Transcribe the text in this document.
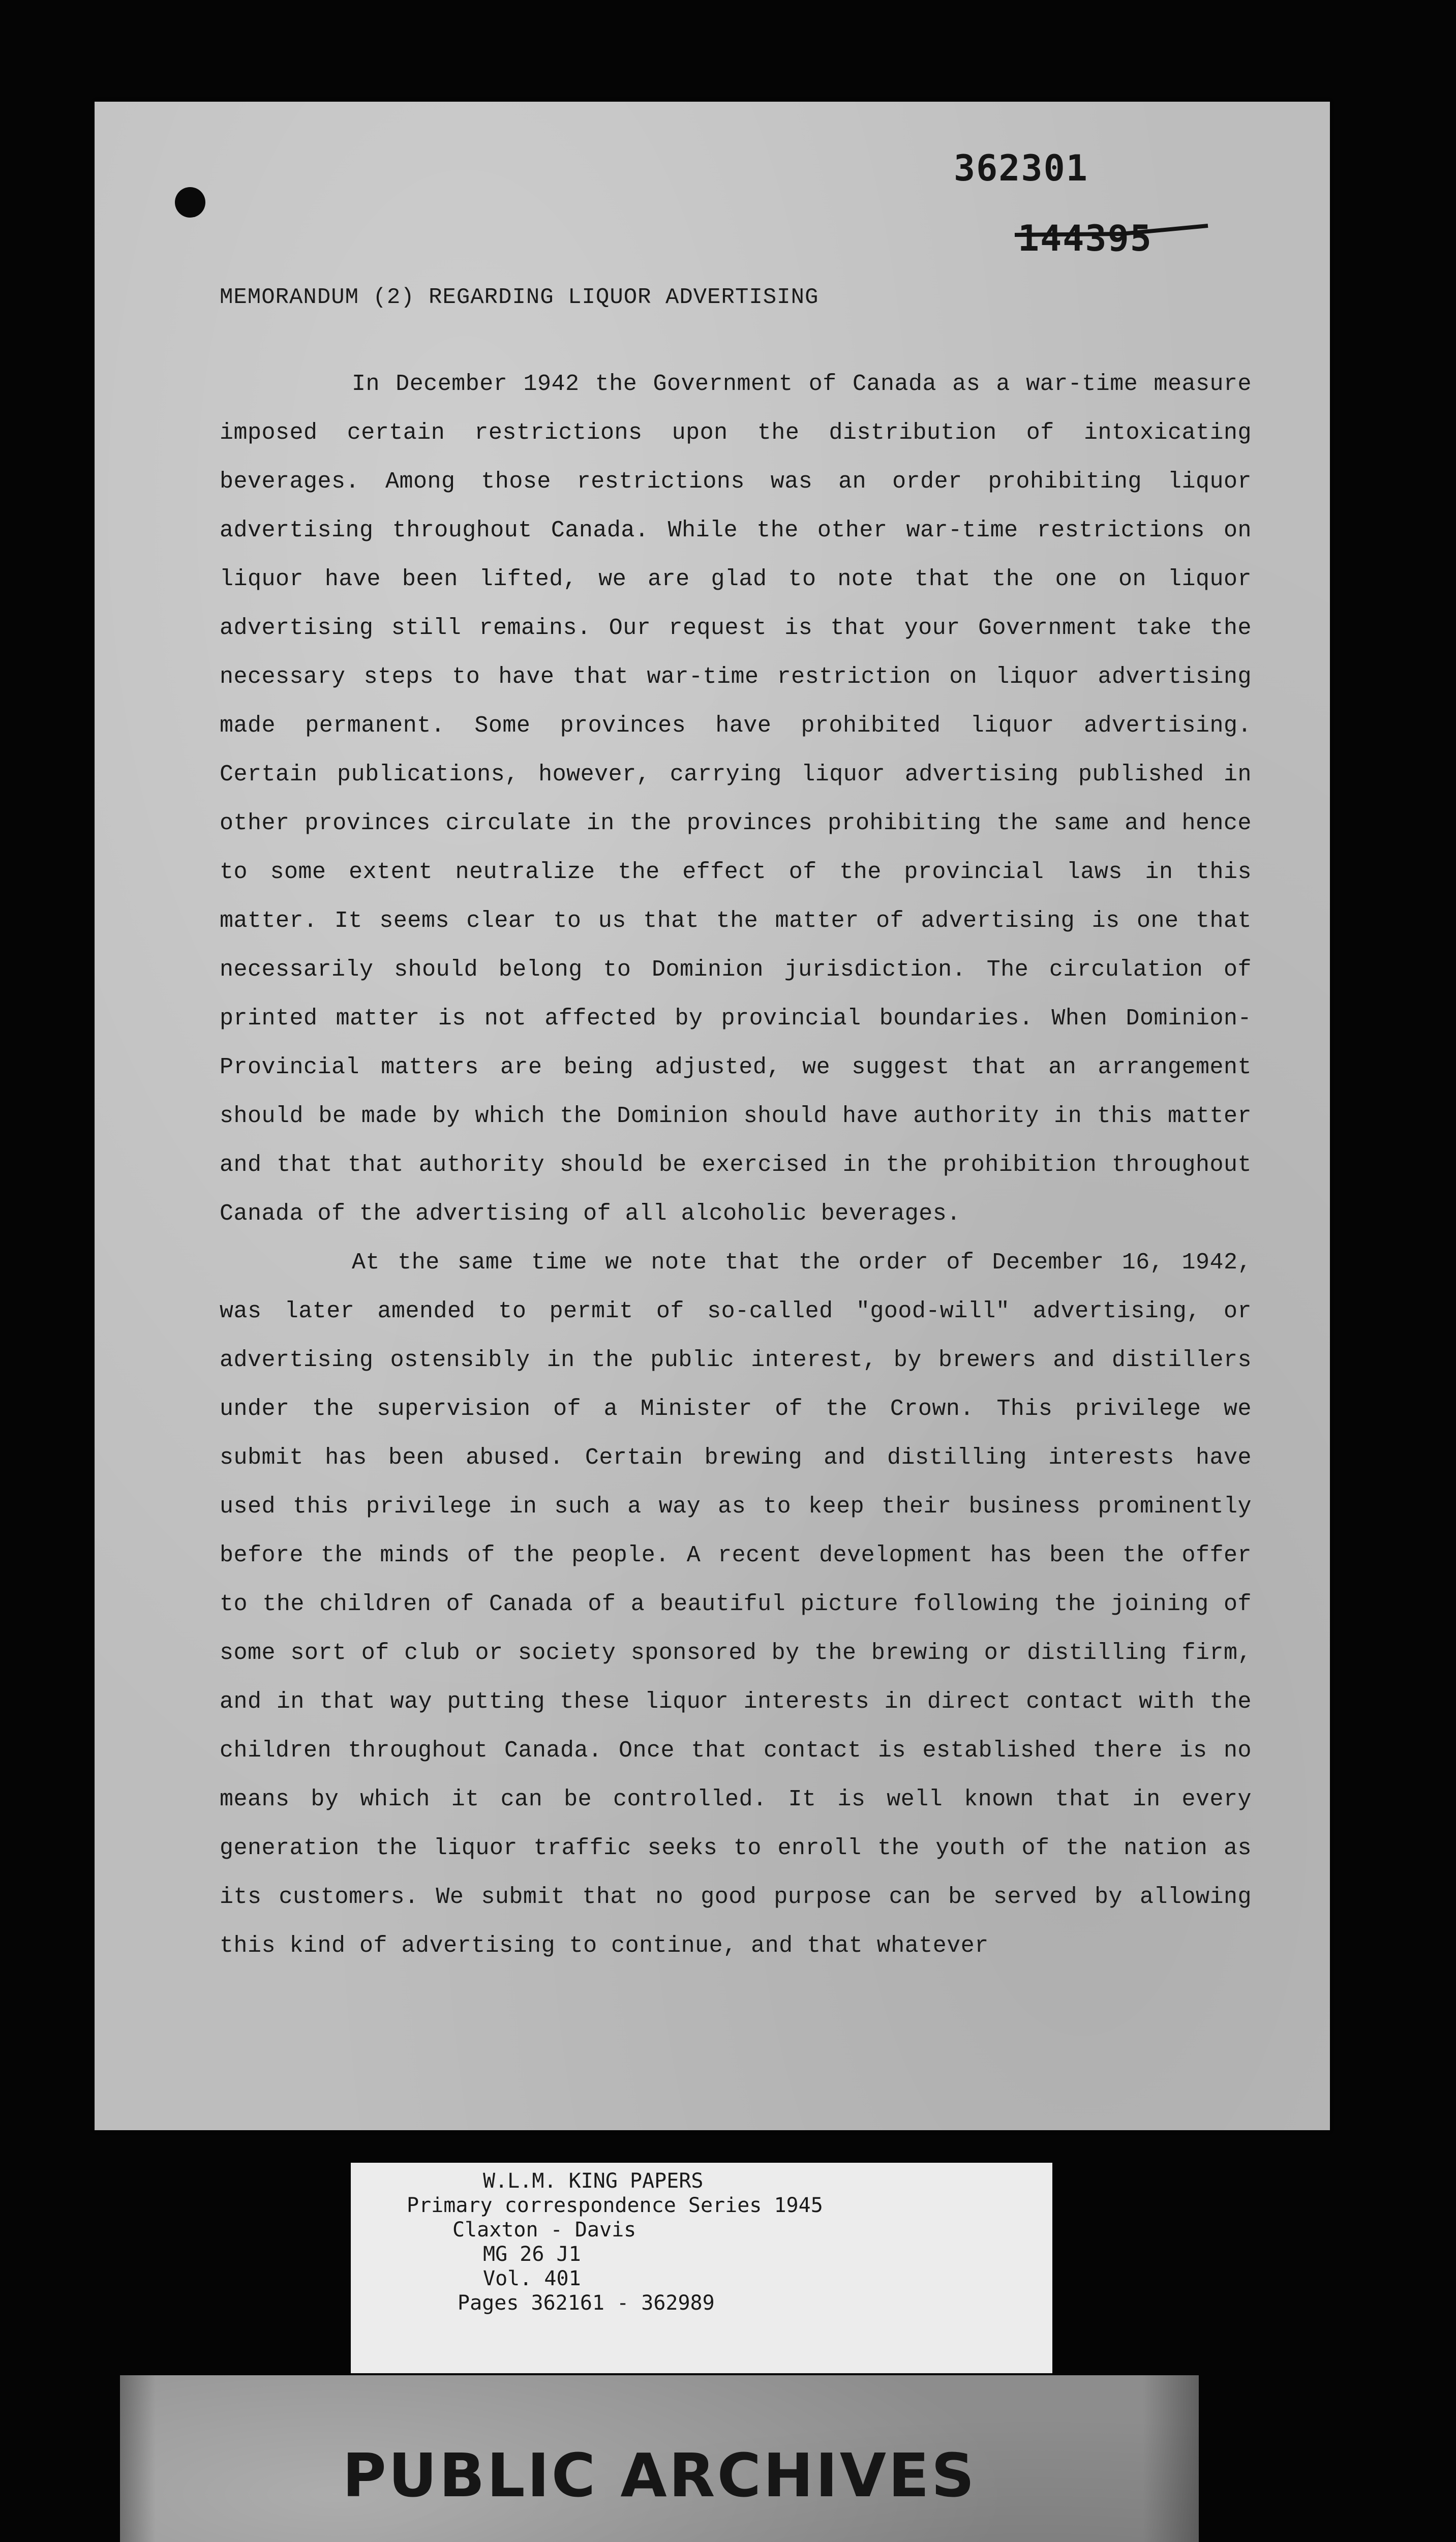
362301
144395
MEMORANDUM (2) REGARDING LIQUOR ADVERTISING

In December 1942 the Government of Canada as a war-time measure imposed certain restrictions upon the distribution of intoxicating beverages. Among those restrictions was an order prohibiting liquor advertising throughout Canada. While the other war-time restrictions on liquor have been lifted, we are glad to note that the one on liquor advertising still remains. Our request is that your Government take the necessary steps to have that war-time restriction on liquor advertising made permanent. Some provinces have prohibited liquor advertising. Certain publications, however, carrying liquor advertising published in other provinces circulate in the provinces prohibiting the same and hence to some extent neutralize the effect of the provincial laws in this matter. It seems clear to us that the matter of advertising is one that necessarily should belong to Dominion jurisdiction. The circulation of printed matter is not affected by provincial boundaries. When Dominion-Provincial matters are being adjusted, we suggest that an arrangement should be made by which the Dominion should have authority in this matter and that that authority should be exercised in the prohibition throughout Canada of the advertising of all alcoholic beverages.

At the same time we note that the order of December 16, 1942, was later amended to permit of so-called "good-will" advertising, or advertising ostensibly in the public interest, by brewers and distillers under the supervision of a Minister of the Crown. This privilege we submit has been abused. Certain brewing and distilling interests have used this privilege in such a way as to keep their business prominently before the minds of the people. A recent development has been the offer to the children of Canada of a beautiful picture following the joining of some sort of club or society sponsored by the brewing or distilling firm, and in that way putting these liquor interests in direct contact with the children throughout Canada. Once that contact is established there is no means by which it can be controlled. It is well known that in every generation the liquor traffic seeks to enroll the youth of the nation as its customers. We submit that no good purpose can be served by allowing this kind of advertising to continue, and that whatever

W.L.M. KING PAPERS
Primary correspondence Series 1945
Claxton - Davis
MG 26 J1
Vol. 401
Pages 362161 - 362989
PUBLIC ARCHIVES
